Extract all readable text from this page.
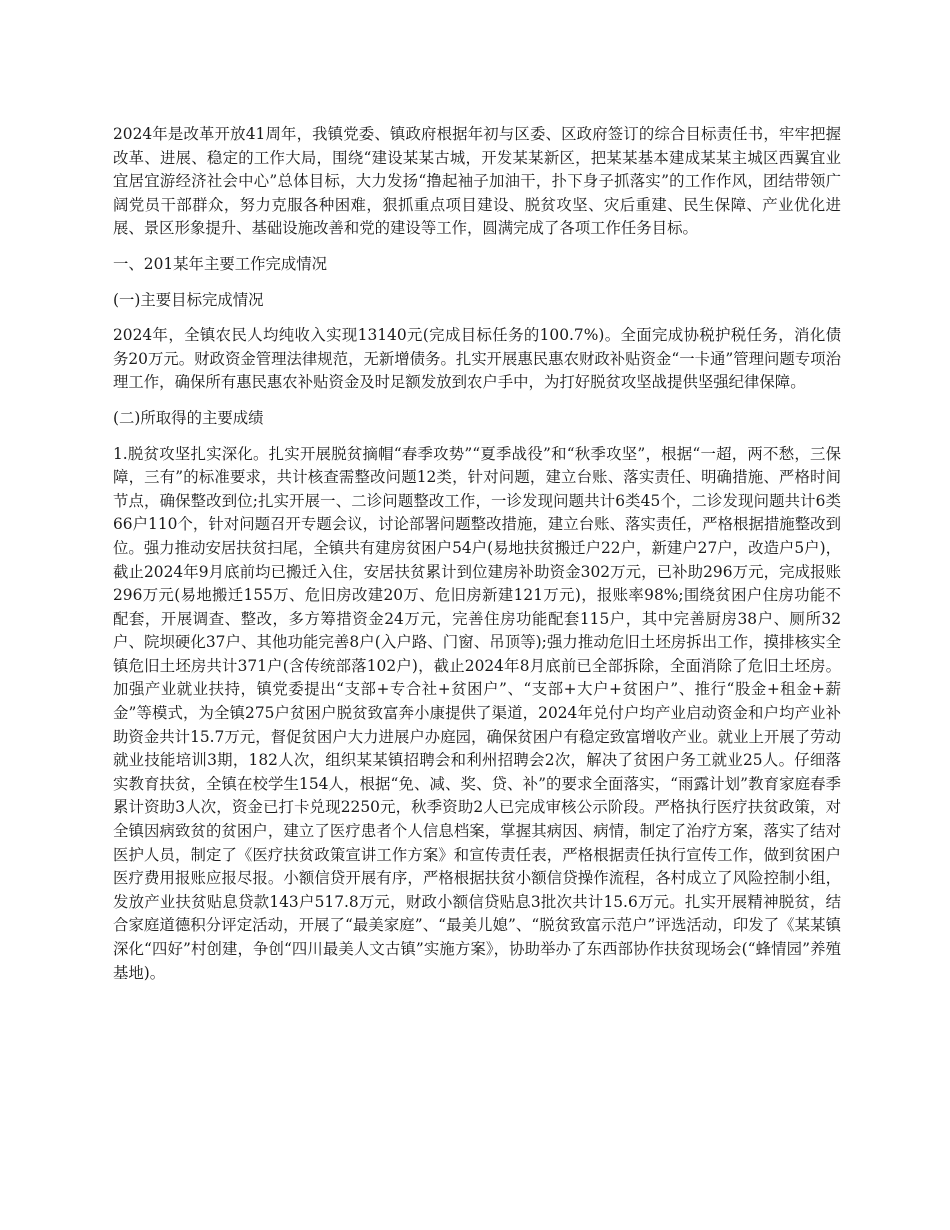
2024年是改革开放41周年，我镇党委、镇政府根据年初与区委、区政府签订的综合目标责任书，牢牢把握改革、进展、稳定的工作大局，围绕“建设某某古城，开发某某新区，把某某基本建成某某主城区西翼宜业宜居宜游经济社会中心”总体目标，大力发扬“撸起袖子加油干，扑下身子抓落实”的工作作风，团结带领广阔党员干部群众，努力克服各种困难，狠抓重点项目建设、脱贫攻坚、灾后重建、民生保障、产业优化进展、景区形象提升、基础设施改善和党的建设等工作，圆满完成了各项工作任务目标。

一、201某年主要工作完成情况

(一)主要目标完成情况

2024年，全镇农民人均纯收入实现13140元(完成目标任务的100.7%)。全面完成协税护税任务，消化债务20万元。财政资金管理法律规范，无新增债务。扎实开展惠民惠农财政补贴资金“一卡通”管理问题专项治理工作，确保所有惠民惠农补贴资金及时足额发放到农户手中，为打好脱贫攻坚战提供坚强纪律保障。

(二)所取得的主要成绩

1.脱贫攻坚扎实深化。扎实开展脱贫摘帽“春季攻势”“夏季战役”和“秋季攻坚”，根据“一超，两不愁，三保障，三有”的标准要求，共计核查需整改问题12类，针对问题，建立台账、落实责任、明确措施、严格时间节点，确保整改到位;扎实开展一、二诊问题整改工作，一诊发现问题共计6类45个，二诊发现问题共计6类66户110个，针对问题召开专题会议，讨论部署问题整改措施，建立台账、落实责任，严格根据措施整改到位。强力推动安居扶贫扫尾，全镇共有建房贫困户54户(易地扶贫搬迁户22户，新建户27户，改造户5户)，截止2024年9月底前均已搬迁入住，安居扶贫累计到位建房补助资金302万元，已补助296万元，完成报账296万元(易地搬迁155万、危旧房改建20万、危旧房新建121万元)，报账率98%;围绕贫困户住房功能不配套，开展调查、整改，多方筹措资金24万元，完善住房功能配套115户，其中完善厨房38户、厕所32户、院坝硬化37户、其他功能完善8户(入户路、门窗、吊顶等);强力推动危旧土坯房拆出工作，摸排核实全镇危旧土坯房共计371户(含传统部落102户)，截止2024年8月底前已全部拆除，全面消除了危旧土坯房。加强产业就业扶持，镇党委提出“支部+专合社+贫困户”、“支部+大户+贫困户”、推行“股金+租金+薪金”等模式，为全镇275户贫困户脱贫致富奔小康提供了渠道，2024年兑付户均产业启动资金和户均产业补助资金共计15.7万元，督促贫困户大力进展户办庭园，确保贫困户有稳定致富增收产业。就业上开展了劳动就业技能培训3期，182人次，组织某某镇招聘会和利州招聘会2次，解决了贫困户务工就业25人。仔细落实教育扶贫，全镇在校学生154人，根据“免、减、奖、贷、补”的要求全面落实，“雨露计划”教育家庭春季累计资助3人次，资金已打卡兑现2250元，秋季资助2人已完成审核公示阶段。严格执行医疗扶贫政策，对全镇因病致贫的贫困户，建立了医疗患者个人信息档案，掌握其病因、病情，制定了治疗方案，落实了结对医护人员，制定了《医疗扶贫政策宣讲工作方案》和宣传责任表，严格根据责任执行宣传工作，做到贫困户医疗费用报账应报尽报。小额信贷开展有序，严格根据扶贫小额信贷操作流程，各村成立了风险控制小组，发放产业扶贫贴息贷款143户517.8万元，财政小额信贷贴息3批次共计15.6万元。扎实开展精神脱贫，结合家庭道德积分评定活动，开展了“最美家庭”、“最美儿媳”、“脱贫致富示范户”评选活动，印发了《某某镇深化“四好”村创建，争创“四川最美人文古镇”实施方案》，协助举办了东西部协作扶贫现场会(“蜂情园”养殖基地)。
